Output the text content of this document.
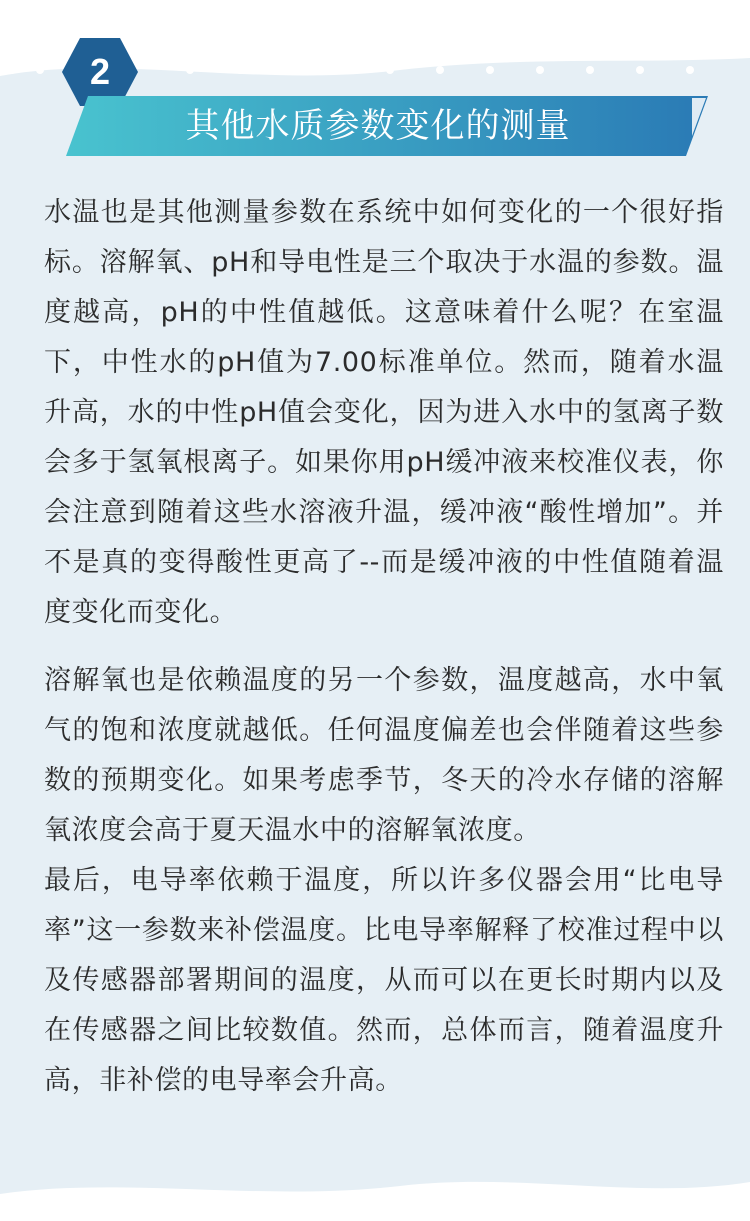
2
其他水质参数变化的测量

水温也是其他测量参数在系统中如何变化的一个很好指标。溶解氧、pH和导电性是三个取决于水温的参数。温度越高，pH的中性值越低。这意味着什么呢？在室温下，中性水的pH值为7.00标准单位。然而，随着水温升高，水的中性pH值会变化，因为进入水中的氢离子数会多于氢氧根离子。如果你用pH缓冲液来校准仪表，你会注意到随着这些水溶液升温，缓冲液“酸性增加”。并不是真的变得酸性更高了--而是缓冲液的中性值随着温度变化而变化。

溶解氧也是依赖温度的另一个参数，温度越高，水中氧气的饱和浓度就越低。任何温度偏差也会伴随着这些参数的预期变化。如果考虑季节，冬天的冷水存储的溶解氧浓度会高于夏天温水中的溶解氧浓度。

最后，电导率依赖于温度，所以许多仪器会用“比电导率”这一参数来补偿温度。比电导率解释了校准过程中以及传感器部署期间的温度，从而可以在更长时期内以及在传感器之间比较数值。然而，总体而言，随着温度升高，非补偿的电导率会升高。
